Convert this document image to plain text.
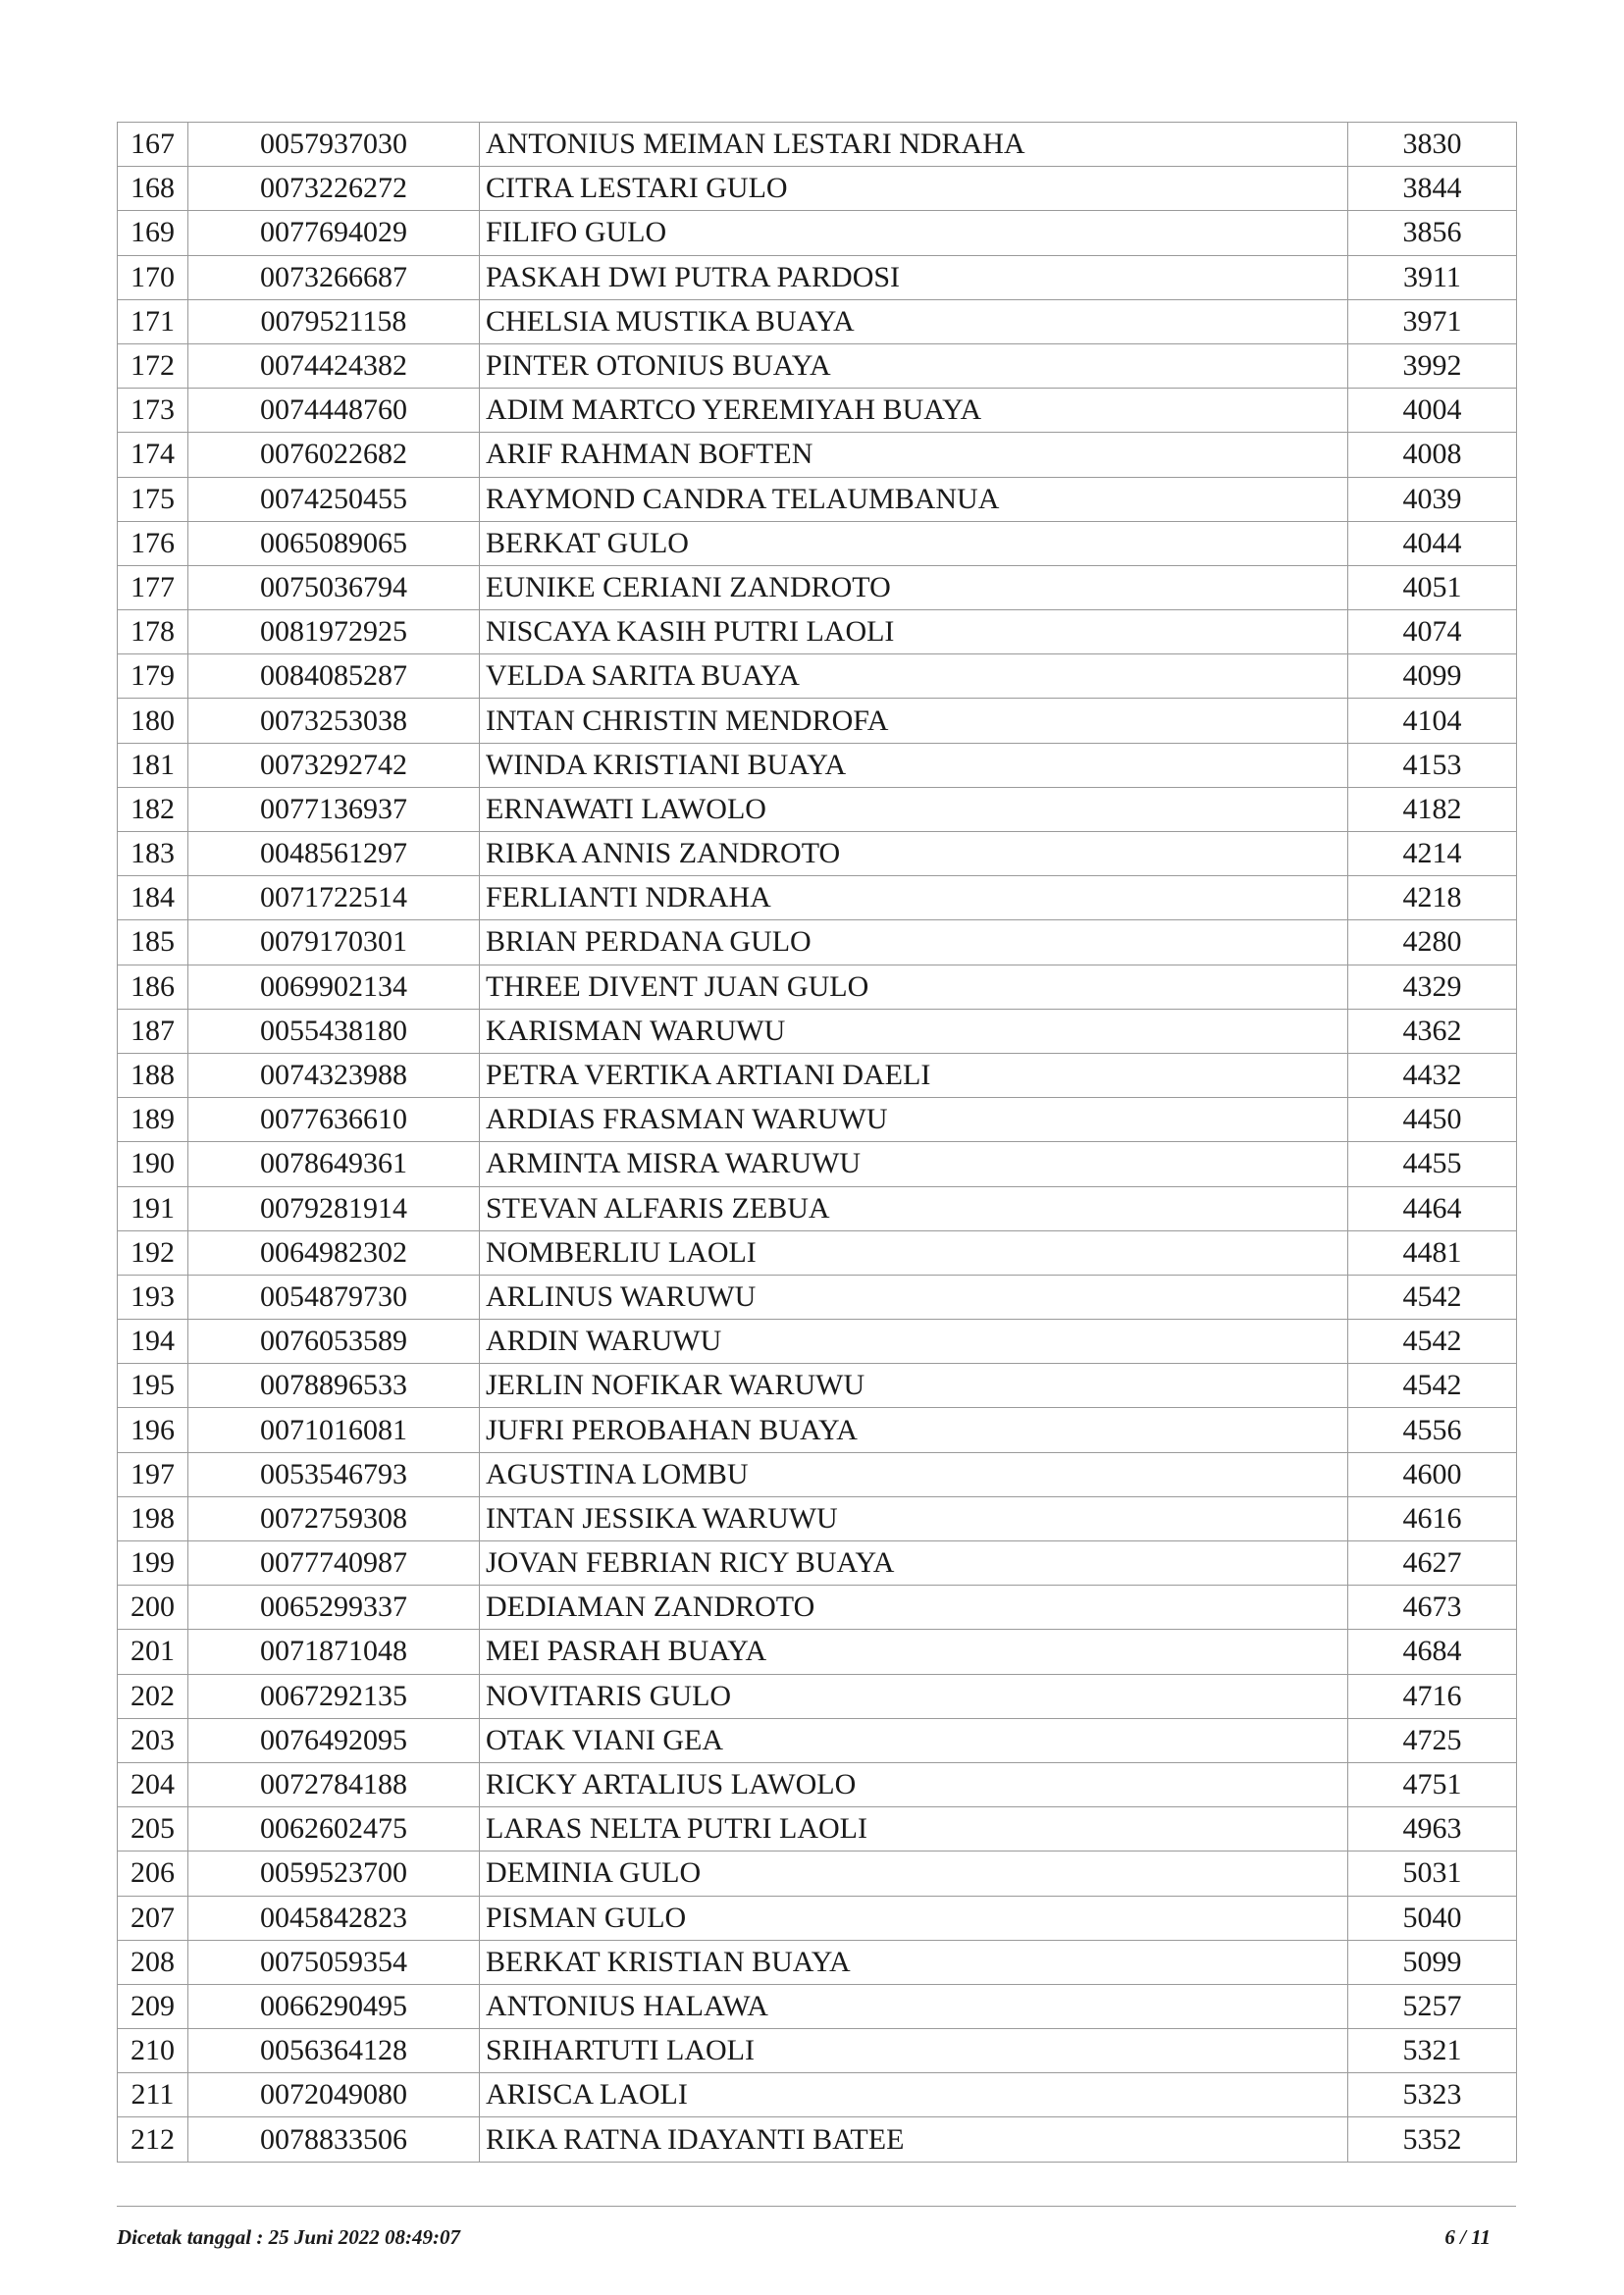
167	0057937030	ANTONIUS MEIMAN LESTARI NDRAHA	3830
168	0073226272	CITRA LESTARI GULO	3844
169	0077694029	FILIFO GULO	3856
170	0073266687	PASKAH DWI PUTRA PARDOSI	3911
171	0079521158	CHELSIA MUSTIKA BUAYA	3971
172	0074424382	PINTER OTONIUS BUAYA	3992
173	0074448760	ADIM MARTCO YEREMIYAH BUAYA	4004
174	0076022682	ARIF RAHMAN BOFTEN	4008
175	0074250455	RAYMOND CANDRA TELAUMBANUA	4039
176	0065089065	BERKAT GULO	4044
177	0075036794	EUNIKE CERIANI ZANDROTO	4051
178	0081972925	NISCAYA KASIH PUTRI LAOLI	4074
179	0084085287	VELDA SARITA BUAYA	4099
180	0073253038	INTAN CHRISTIN MENDROFA	4104
181	0073292742	WINDA KRISTIANI BUAYA	4153
182	0077136937	ERNAWATI LAWOLO	4182
183	0048561297	RIBKA ANNIS ZANDROTO	4214
184	0071722514	FERLIANTI NDRAHA	4218
185	0079170301	BRIAN PERDANA GULO	4280
186	0069902134	THREE DIVENT JUAN GULO	4329
187	0055438180	KARISMAN WARUWU	4362
188	0074323988	PETRA VERTIKA ARTIANI DAELI	4432
189	0077636610	ARDIAS FRASMAN WARUWU	4450
190	0078649361	ARMINTA MISRA WARUWU	4455
191	0079281914	STEVAN ALFARIS ZEBUA	4464
192	0064982302	NOMBERLIU LAOLI	4481
193	0054879730	ARLINUS WARUWU	4542
194	0076053589	ARDIN WARUWU	4542
195	0078896533	JERLIN NOFIKAR WARUWU	4542
196	0071016081	JUFRI PEROBAHAN BUAYA	4556
197	0053546793	AGUSTINA LOMBU	4600
198	0072759308	INTAN JESSIKA WARUWU	4616
199	0077740987	JOVAN FEBRIAN RICY BUAYA	4627
200	0065299337	DEDIAMAN ZANDROTO	4673
201	0071871048	MEI PASRAH BUAYA	4684
202	0067292135	NOVITARIS GULO	4716
203	0076492095	OTAK VIANI GEA	4725
204	0072784188	RICKY ARTALIUS LAWOLO	4751
205	0062602475	LARAS NELTA PUTRI LAOLI	4963
206	0059523700	DEMINIA GULO	5031
207	0045842823	PISMAN GULO	5040
208	0075059354	BERKAT KRISTIAN BUAYA	5099
209	0066290495	ANTONIUS HALAWA	5257
210	0056364128	SRIHARTUTI LAOLI	5321
211	0072049080	ARISCA LAOLI	5323
212	0078833506	RIKA RATNA IDAYANTI BATEE	5352
Dicetak tanggal : 25 Juni 2022 08:49:07	6 / 11
